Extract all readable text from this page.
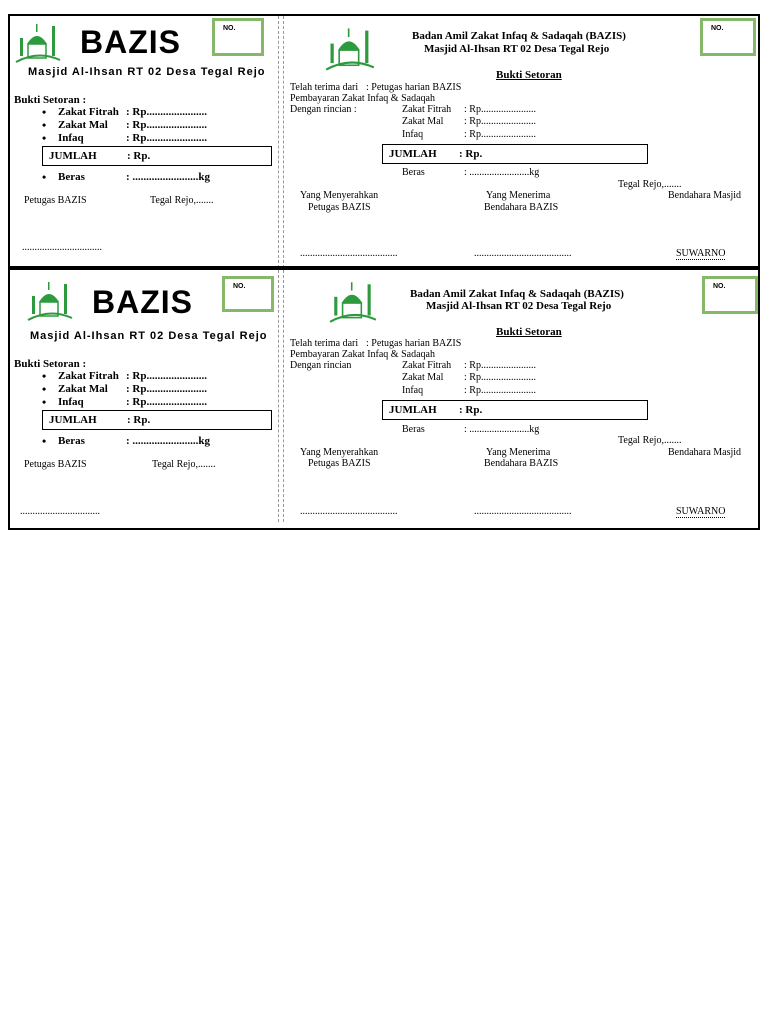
BAZIS	NO.
Masjid Al-Ihsan RT 02 Desa Tegal Rejo
Bukti Setoran :
• Zakat Fitrah : Rp......................
• Zakat Mal : Rp......................
• Infaq	: Rp......................
JUMLAH	: Rp.
• Beras	: ........................kg
Petugas BAZIS	Tegal Rejo,.......
................................
Badan Amil Zakat Infaq & Sadaqah (BAZIS)
Masjid Al-Ihsan RT 02 Desa Tegal Rejo
NO.
Bukti Setoran
Telah terima dari : Petugas harian BAZIS
Pembayaran Zakat Infaq & Sadaqah
Dengan rincian :	Zakat Fitrah : Rp......................
Zakat Mal : Rp......................
Infaq	: Rp......................
JUMLAH : Rp.
Beras	: ........................kg
Tegal Rejo,.......
Yang Menyerahkan
Petugas BAZIS
Yang Menerima
Bendahara BAZIS
Bendahara Masjid
.......................................	.......................................	SUWARNO
BAZIS	NO.
Masjid Al-Ihsan RT 02 Desa Tegal Rejo
Bukti Setoran :
• Zakat Fitrah : Rp......................
• Zakat Mal : Rp......................
• Infaq	: Rp......................
JUMLAH	: Rp.
• Beras	: ........................kg
Petugas BAZIS	Tegal Rejo,.......
................................
Badan Amil Zakat Infaq & Sadaqah (BAZIS)
Masjid Al-Ihsan RT 02 Desa Tegal Rejo
NO.
Bukti Setoran
Telah terima dari : Petugas harian BAZIS
Pembayaran Zakat Infaq & Sadaqah
Dengan rincian	Zakat Fitrah : Rp......................
Zakat Mal : Rp......................
Infaq	: Rp......................
JUMLAH : Rp.
Beras	: ........................kg
Tegal Rejo,.......
Yang Menyerahkan
Petugas BAZIS
Yang Menerima
Bendahara BAZIS
Bendahara Masjid
.......................................	.......................................	SUWARNO
